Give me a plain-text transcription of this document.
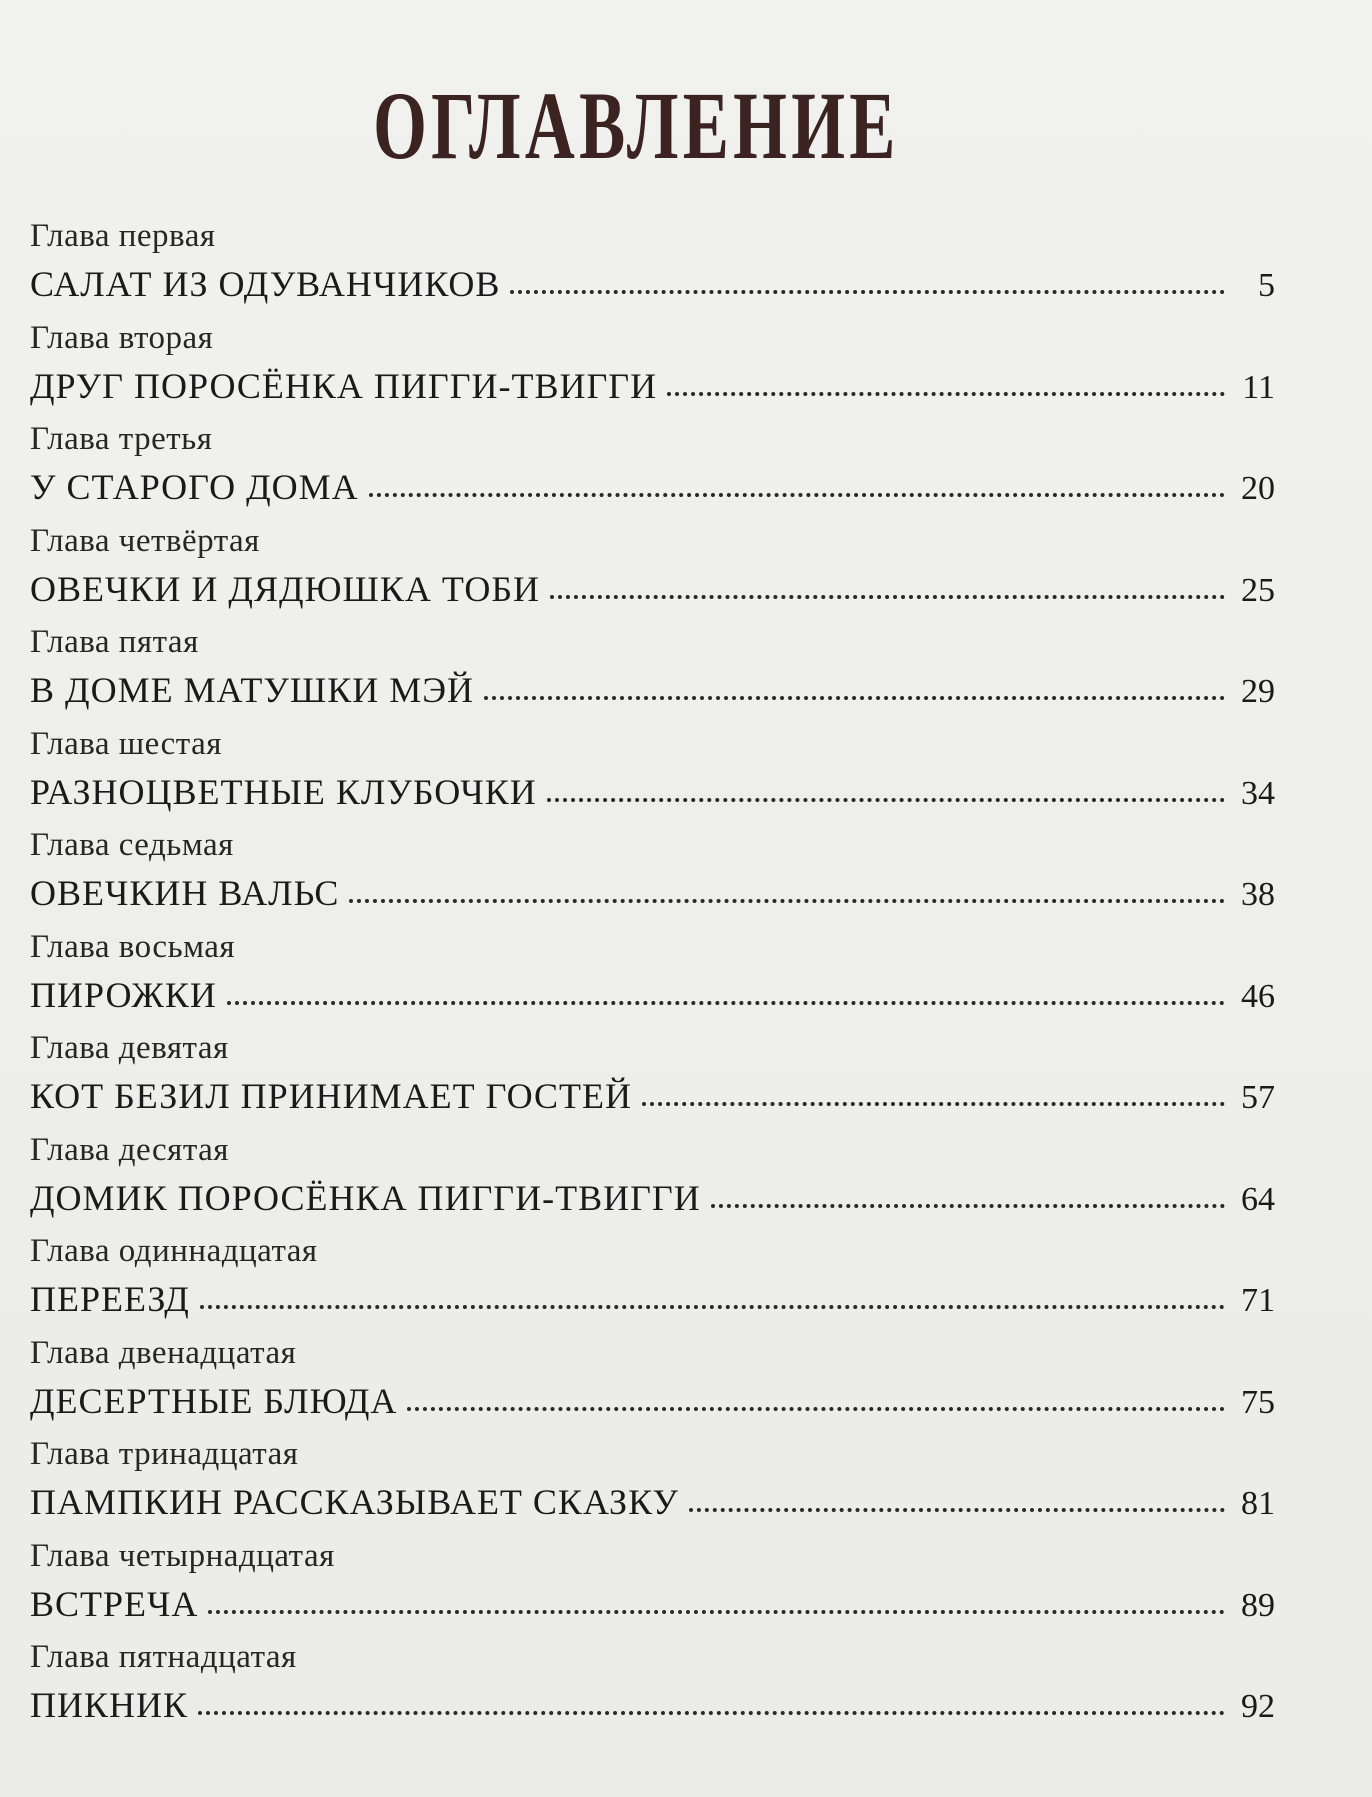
ОГЛАВЛЕНИЕ
Глава первая
САЛАТ ИЗ ОДУВАНЧИКОВ	5
Глава вторая
ДРУГ ПОРОСЁНКА ПИГГИ-ТВИГГИ	11
Глава третья
У СТАРОГО ДОМА	20
Глава четвёртая
ОВЕЧКИ И ДЯДЮШКА ТОБИ	25
Глава пятая
В ДОМЕ МАТУШКИ МЭЙ	29
Глава шестая
РАЗНОЦВЕТНЫЕ КЛУБОЧКИ	34
Глава седьмая
ОВЕЧКИН ВАЛЬС	38
Глава восьмая
ПИРОЖКИ	46
Глава девятая
КОТ БЕЗИЛ ПРИНИМАЕТ ГОСТЕЙ	57
Глава десятая
ДОМИК ПОРОСЁНКА ПИГГИ-ТВИГГИ	64
Глава одиннадцатая
ПЕРЕЕЗД	71
Глава двенадцатая
ДЕСЕРТНЫЕ БЛЮДА	75
Глава тринадцатая
ПАМПКИН РАССКАЗЫВАЕТ СКАЗКУ	81
Глава четырнадцатая
ВСТРЕЧА	89
Глава пятнадцатая
ПИКНИК	92
